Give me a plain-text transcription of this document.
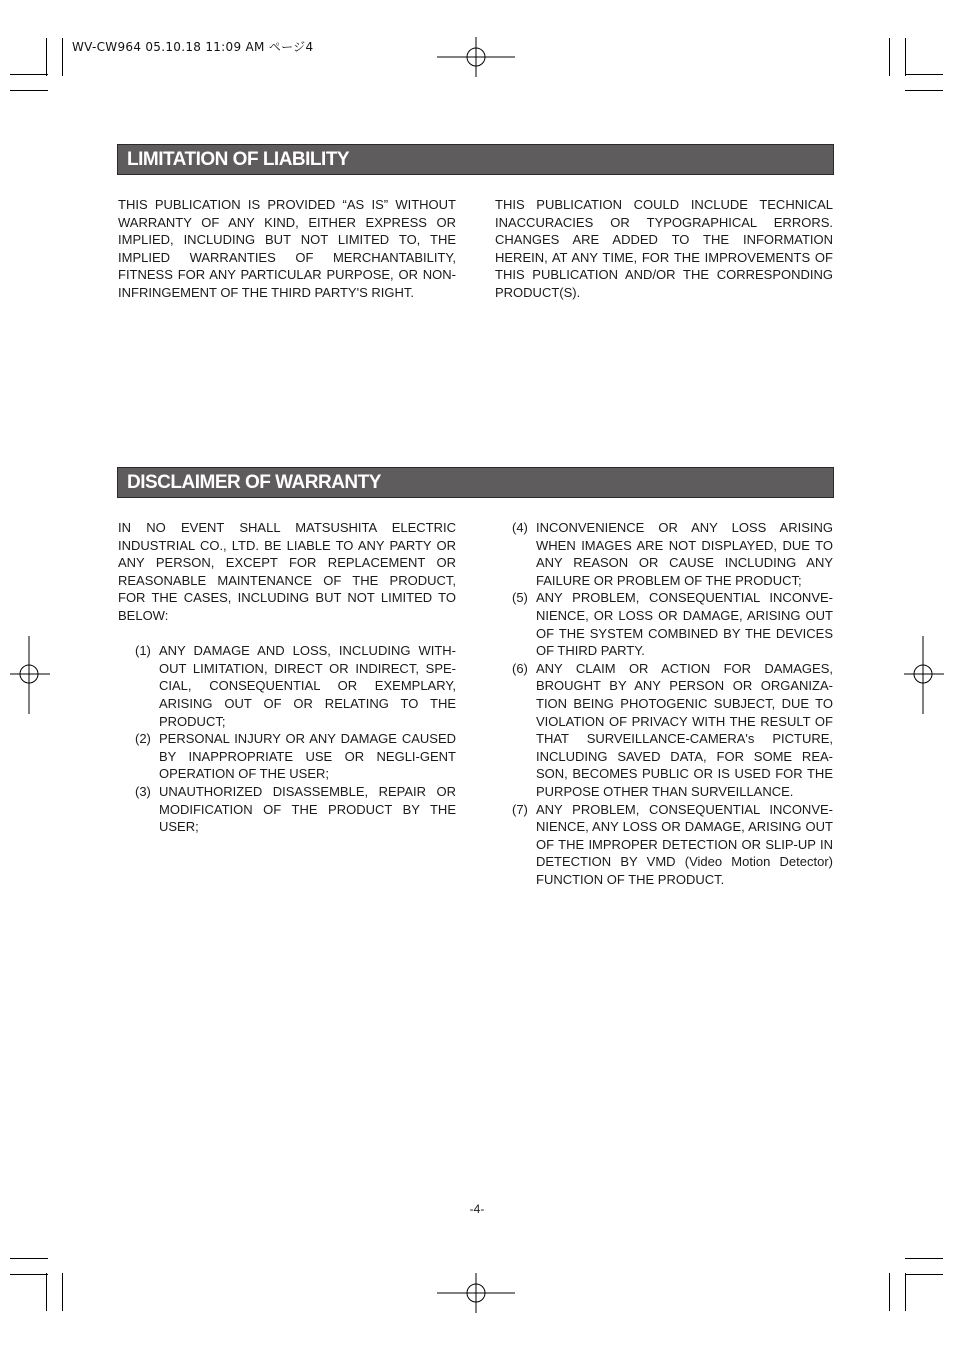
WV-CW964 05.10.18 11:09 AM ページ4
LIMITATION OF LIABILITY

THIS PUBLICATION IS PROVIDED “AS IS” WITHOUT WARRANTY OF ANY KIND, EITHER EXPRESS OR IMPLIED, INCLUDING BUT NOT LIMITED TO, THE IMPLIED WARRANTIES OF MERCHANTABILITY, FITNESS FOR ANY PARTICULAR PURPOSE, OR NON-INFRINGEMENT OF THE THIRD PARTY'S RIGHT.

THIS PUBLICATION COULD INCLUDE TECHNICAL INACCURACIES OR TYPOGRAPHICAL ERRORS. CHANGES ARE ADDED TO THE INFORMATION HEREIN, AT ANY TIME, FOR THE IMPROVEMENTS OF THIS PUBLICATION AND/OR THE CORRESPONDING PRODUCT(S).

DISCLAIMER OF WARRANTY

IN NO EVENT SHALL MATSUSHITA ELECTRIC INDUSTRIAL CO., LTD. BE LIABLE TO ANY PARTY OR ANY PERSON, EXCEPT FOR REPLACEMENT OR REASONABLE MAINTENANCE OF THE PRODUCT, FOR THE CASES, INCLUDING BUT NOT LIMITED TO BELOW:

(1) ANY DAMAGE AND LOSS, INCLUDING WITH-OUT LIMITATION, DIRECT OR INDIRECT, SPE-CIAL, CONSEQUENTIAL OR EXEMPLARY, ARISING OUT OF OR RELATING TO THE PRODUCT;
(2) PERSONAL INJURY OR ANY DAMAGE CAUSED BY INAPPROPRIATE USE OR NEGLI-GENT OPERATION OF THE USER;
(3) UNAUTHORIZED DISASSEMBLE, REPAIR OR MODIFICATION OF THE PRODUCT BY THE USER;
(4) INCONVENIENCE OR ANY LOSS ARISING WHEN IMAGES ARE NOT DISPLAYED, DUE TO ANY REASON OR CAUSE INCLUDING ANY FAILURE OR PROBLEM OF THE PRODUCT;
(5) ANY PROBLEM, CONSEQUENTIAL INCONVE-NIENCE, OR LOSS OR DAMAGE, ARISING OUT OF THE SYSTEM COMBINED BY THE DEVICES OF THIRD PARTY.
(6) ANY CLAIM OR ACTION FOR DAMAGES, BROUGHT BY ANY PERSON OR ORGANIZA-TION BEING PHOTOGENIC SUBJECT, DUE TO VIOLATION OF PRIVACY WITH THE RESULT OF THAT SURVEILLANCE-CAMERA's PICTURE, INCLUDING SAVED DATA, FOR SOME REA-SON, BECOMES PUBLIC OR IS USED FOR THE PURPOSE OTHER THAN SURVEILLANCE.
(7) ANY PROBLEM, CONSEQUENTIAL INCONVE-NIENCE, ANY LOSS OR DAMAGE, ARISING OUT OF THE IMPROPER DETECTION OR SLIP-UP IN DETECTION BY VMD (Video Motion Detector) FUNCTION OF THE PRODUCT.
-4-
